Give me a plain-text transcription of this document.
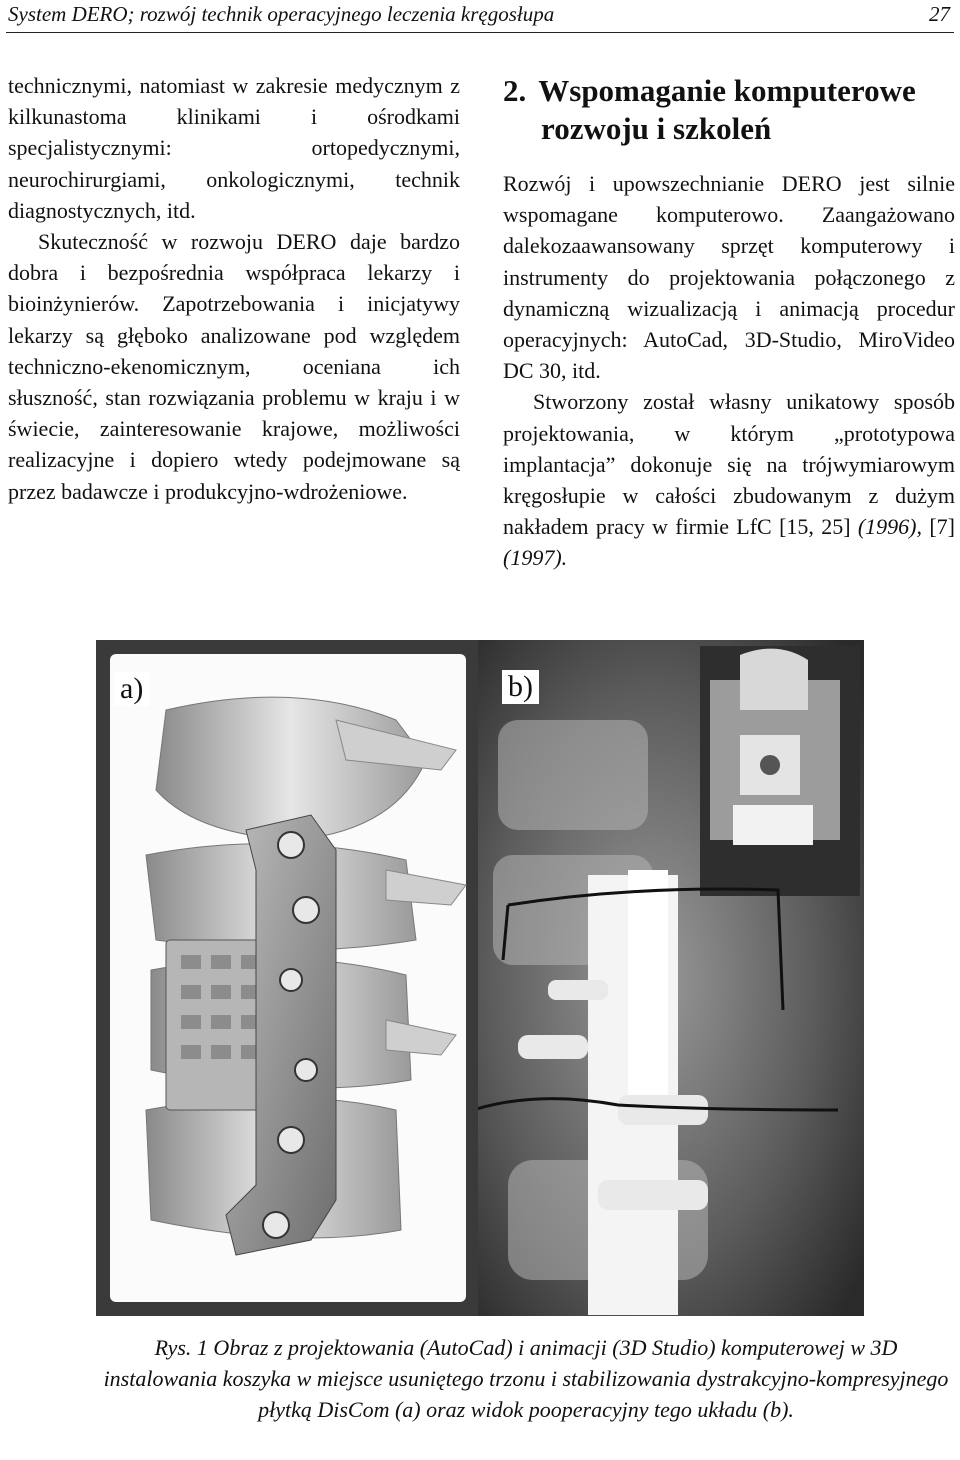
System DERO; rozwój technik operacyjnego leczenia kręgosłupa	27

technicznymi, natomiast w zakresie medycznym z kilkunastoma klinikami i ośrodkami specjalistycznymi: ortopedycznymi, neurochirurgiami, onkologicznymi, technik diagnostycznych, itd.

Skuteczność w rozwoju DERO daje bardzo dobra i bezpośrednia współpraca lekarzy i bioinżynierów. Zapotrzebowania i inicjatywy lekarzy są głęboko analizowane pod względem techniczno-ekenomicznym, oceniana ich słuszność, stan rozwiązania problemu w kraju i w świecie, zainteresowanie krajowe, możliwości realizacyjne i dopiero wtedy podejmowane są przez badawcze i produkcyjno-wdrożeniowe.

2. Wspomaganie komputerowe
rozwoju i szkoleń

Rozwój i upowszechnianie DERO jest silnie wspomagane komputerowo. Zaangażowano dalekozaawansowany sprzęt komputerowy i instrumenty do projektowania połączonego z dynamiczną wizualizacją i animacją procedur operacyjnych: AutoCad, 3D-Studio, MiroVideo DC 30, itd.

Stworzony został własny unikatowy sposób projektowania, w którym „prototypowa implantacja” dokonuje się na trójwymiarowym kręgosłupie w całości zbudowanym z dużym nakładem pracy w firmie LfC [15, 25] (1996), [7] (1997).

a)	b)
Rys. 1 Obraz z projektowania (AutoCad) i animacji (3D Studio) komputerowej w 3D instalowania koszyka w miejsce usuniętego trzonu i stabilizowania dystrakcyjno-kompresyjnego płytką DisCom (a) oraz widok pooperacyjny tego układu (b).
